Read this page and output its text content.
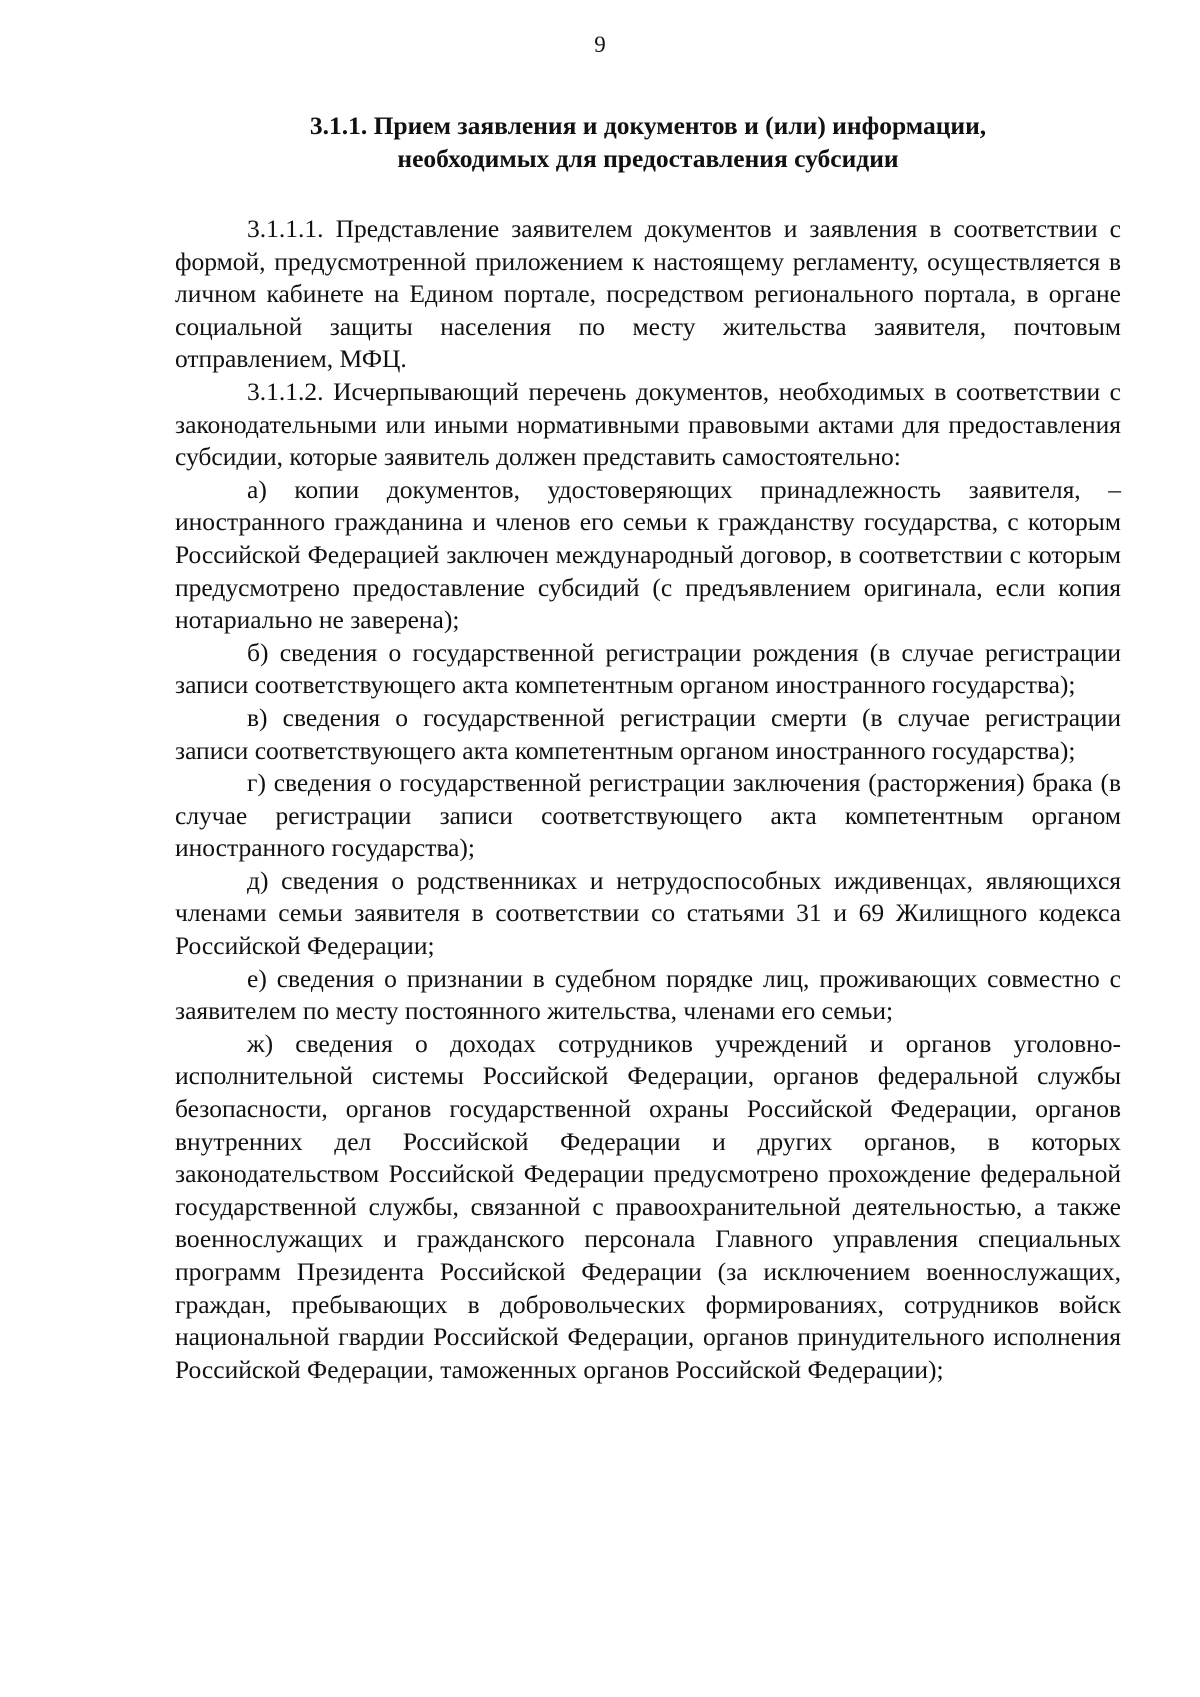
9
3.1.1. Прием заявления и документов и (или) информации,
необходимых для предоставления субсидии

3.1.1.1. Представление заявителем документов и заявления в соответствии с формой, предусмотренной приложением к настоящему регламенту, осуществляется в личном кабинете на Едином портале, посредством регионального портала, в органе социальной защиты населения по месту жительства заявителя, почтовым отправлением, МФЦ.

3.1.1.2. Исчерпывающий перечень документов, необходимых в соответствии с законодательными или иными нормативными правовыми актами для предоставления субсидии, которые заявитель должен представить самостоятельно:

а) копии документов, удостоверяющих принадлежность заявителя, – иностранного гражданина и членов его семьи к гражданству государства, с которым Российской Федерацией заключен международный договор, в соответствии с которым предусмотрено предоставление субсидий (с предъявлением оригинала, если копия нотариально не заверена);

б) сведения о государственной регистрации рождения (в случае регистрации записи соответствующего акта компетентным органом иностранного государства);

в) сведения о государственной регистрации смерти (в случае регистрации записи соответствующего акта компетентным органом иностранного государства);

г) сведения о государственной регистрации заключения (расторжения) брака (в случае регистрации записи соответствующего акта компетентным органом иностранного государства);

д) сведения о родственниках и нетрудоспособных иждивенцах, являющихся членами семьи заявителя в соответствии со статьями 31 и 69 Жилищного кодекса Российской Федерации;

е) сведения о признании в судебном порядке лиц, проживающих совместно с заявителем по месту постоянного жительства, членами его семьи;

ж) сведения о доходах сотрудников учреждений и органов уголовно-исполнительной системы Российской Федерации, органов федеральной службы безопасности, органов государственной охраны Российской Федерации, органов внутренних дел Российской Федерации и других органов, в которых законодательством Российской Федерации предусмотрено прохождение федеральной государственной службы, связанной с правоохранительной деятельностью, а также военнослужащих и гражданского персонала Главного управления специальных программ Президента Российской Федерации (за исключением военнослужащих, граждан, пребывающих в добровольческих формированиях, сотрудников войск национальной гвардии Российской Федерации, органов принудительного исполнения Российской Федерации, таможенных органов Российской Федерации);
